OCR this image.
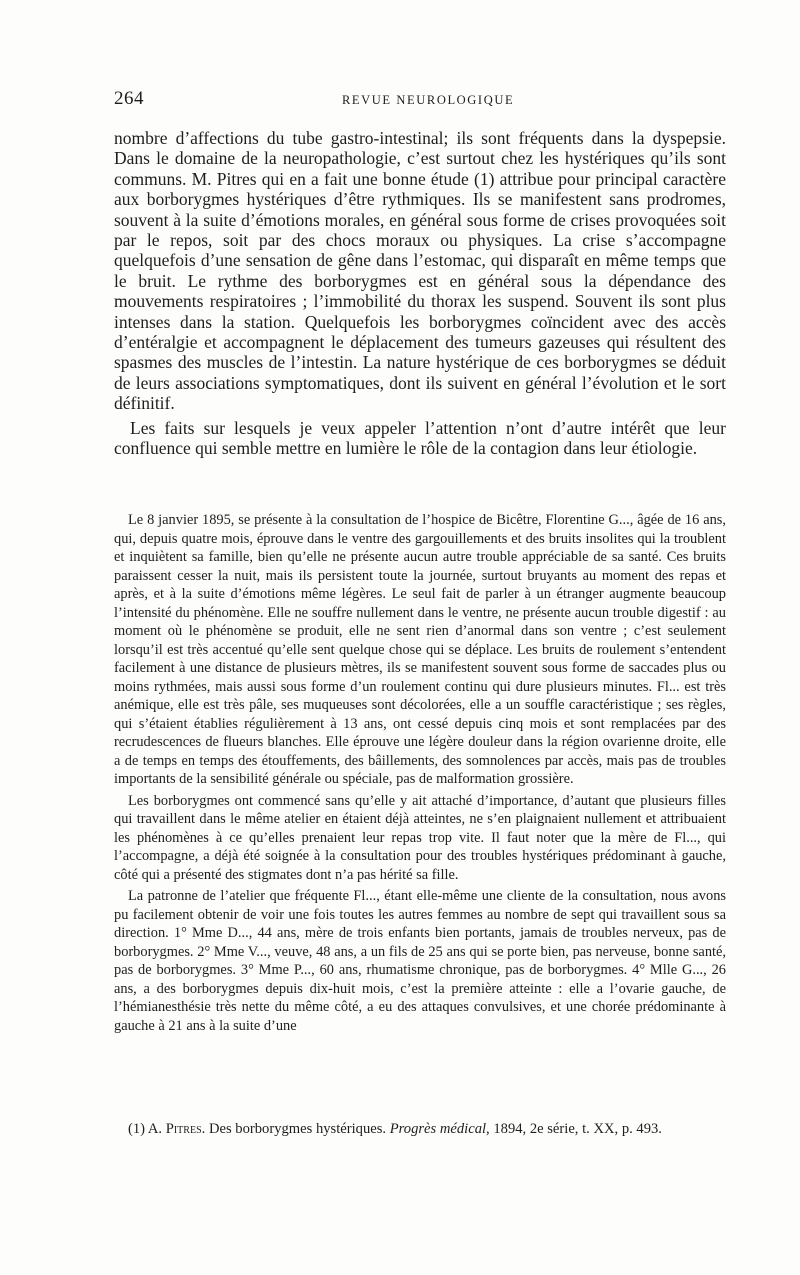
264	REVUE NEUROLOGIQUE

nombre d’affections du tube gastro-intestinal; ils sont fréquents dans la dyspepsie. Dans le domaine de la neuropathologie, c’est surtout chez les hystériques qu’ils sont communs. M. Pitres qui en a fait une bonne étude (1) attribue pour principal caractère aux borborygmes hystériques d’être rythmiques. Ils se manifestent sans prodromes, souvent à la suite d’émotions morales, en général sous forme de crises provoquées soit par le repos, soit par des chocs moraux ou physiques. La crise s’accompagne quelquefois d’une sensation de gêne dans l’estomac, qui disparaît en même temps que le bruit. Le rythme des borborygmes est en général sous la dépendance des mouvements respiratoires ; l’immobilité du thorax les suspend. Souvent ils sont plus intenses dans la station. Quelquefois les borborygmes coïncident avec des accès d’entéralgie et accompagnent le déplacement des tumeurs gazeuses qui résultent des spasmes des muscles de l’intestin. La nature hystérique de ces borborygmes se déduit de leurs associations symptomatiques, dont ils suivent en général l’évolution et le sort définitif.

Les faits sur lesquels je veux appeler l’attention n’ont d’autre intérêt que leur confluence qui semble mettre en lumière le rôle de la contagion dans leur étiologie.

Le 8 janvier 1895, se présente à la consultation de l’hospice de Bicêtre, Florentine G..., âgée de 16 ans, qui, depuis quatre mois, éprouve dans le ventre des gargouillements et des bruits insolites qui la troublent et inquiètent sa famille, bien qu’elle ne présente aucun autre trouble appréciable de sa santé. Ces bruits paraissent cesser la nuit, mais ils persistent toute la journée, surtout bruyants au moment des repas et après, et à la suite d’émotions même légères. Le seul fait de parler à un étranger augmente beaucoup l’intensité du phénomène. Elle ne souffre nullement dans le ventre, ne présente aucun trouble digestif : au moment où le phénomène se produit, elle ne sent rien d’anormal dans son ventre ; c’est seulement lorsqu’il est très accentué qu’elle sent quelque chose qui se déplace. Les bruits de roulement s’entendent facilement à une distance de plusieurs mètres, ils se manifestent souvent sous forme de saccades plus ou moins rythmées, mais aussi sous forme d’un roulement continu qui dure plusieurs minutes. Fl... est très anémique, elle est très pâle, ses muqueuses sont décolorées, elle a un souffle caractéristique ; ses règles, qui s’étaient établies régulièrement à 13 ans, ont cessé depuis cinq mois et sont remplacées par des recrudescences de flueurs blanches. Elle éprouve une légère douleur dans la région ovarienne droite, elle a de temps en temps des étouffements, des bâillements, des somnolences par accès, mais pas de troubles importants de la sensibilité générale ou spéciale, pas de malformation grossière.

Les borborygmes ont commencé sans qu’elle y ait attaché d’importance, d’autant que plusieurs filles qui travaillent dans le même atelier en étaient déjà atteintes, ne s’en plaignaient nullement et attribuaient les phénomènes à ce qu’elles prenaient leur repas trop vite. Il faut noter que la mère de Fl..., qui l’accompagne, a déjà été soignée à la consultation pour des troubles hystériques prédominant à gauche, côté qui a présenté des stigmates dont n’a pas hérité sa fille.

La patronne de l’atelier que fréquente Fl..., étant elle-même une cliente de la consultation, nous avons pu facilement obtenir de voir une fois toutes les autres femmes au nombre de sept qui travaillent sous sa direction. 1° Mme D..., 44 ans, mère de trois enfants bien portants, jamais de troubles nerveux, pas de borborygmes. 2° Mme V..., veuve, 48 ans, a un fils de 25 ans qui se porte bien, pas nerveuse, bonne santé, pas de borborygmes. 3° Mme P..., 60 ans, rhumatisme chronique, pas de borborygmes. 4° Mlle G..., 26 ans, a des borborygmes depuis dix-huit mois, c’est la première atteinte : elle a l’ovarie gauche, de l’hémianesthésie très nette du même côté, a eu des attaques convulsives, et une chorée prédominante à gauche à 21 ans à la suite d’une

(1) A. Pitres. Des borborygmes hystériques. Progrès médical, 1894, 2e série, t. XX, p. 493.
